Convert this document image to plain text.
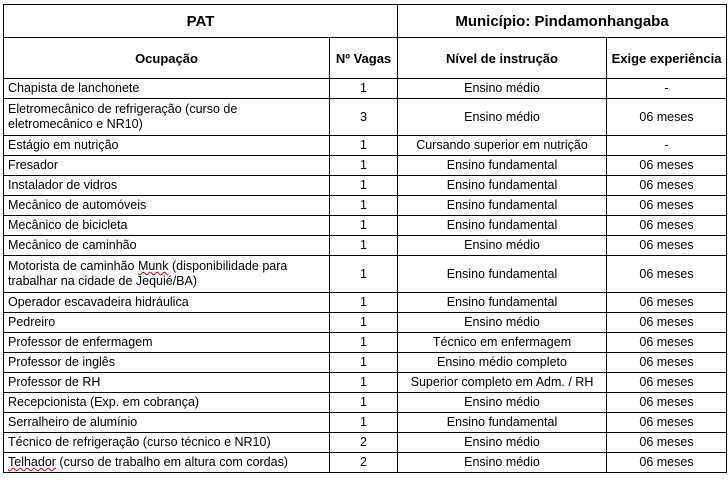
PAT		Município: Pindamonhangaba	
Ocupação	Nº Vagas	Nível de instrução	Exige experiência
Chapista de lanchonete	1	Ensino médio	-
Eletromecânico de refrigeração (curso de eletromecânico e NR10)	3	Ensino médio	06 meses
Estágio em nutrição	1	Cursando superior em nutrição	-
Fresador	1	Ensino fundamental	06 meses
Instalador de vidros	1	Ensino fundamental	06 meses
Mecânico de automóveis	1	Ensino fundamental	06 meses
Mecânico de bicicleta	1	Ensino fundamental	06 meses
Mecânico de caminhão	1	Ensino médio	06 meses
Motorista de caminhão Munk (disponibilidade para trabalhar na cidade de Jequié/BA)	1	Ensino fundamental	06 meses
Operador escavadeira hidráulica	1	Ensino fundamental	06 meses
Pedreiro	1	Ensino médio	06 meses
Professor de enfermagem	1	Técnico em enfermagem	06 meses
Professor de inglês	1	Ensino médio completo	06 meses
Professor de RH	1	Superior completo em Adm. / RH	06 meses
Recepcionista (Exp. em cobrança)	1	Ensino médio	06 meses
Serralheiro de alumínio	1	Ensino fundamental	06 meses
Técnico de refrigeração (curso técnico e NR10)	2	Ensino médio	06 meses
Telhador (curso de trabalho em altura com cordas)	2	Ensino médio	06 meses
